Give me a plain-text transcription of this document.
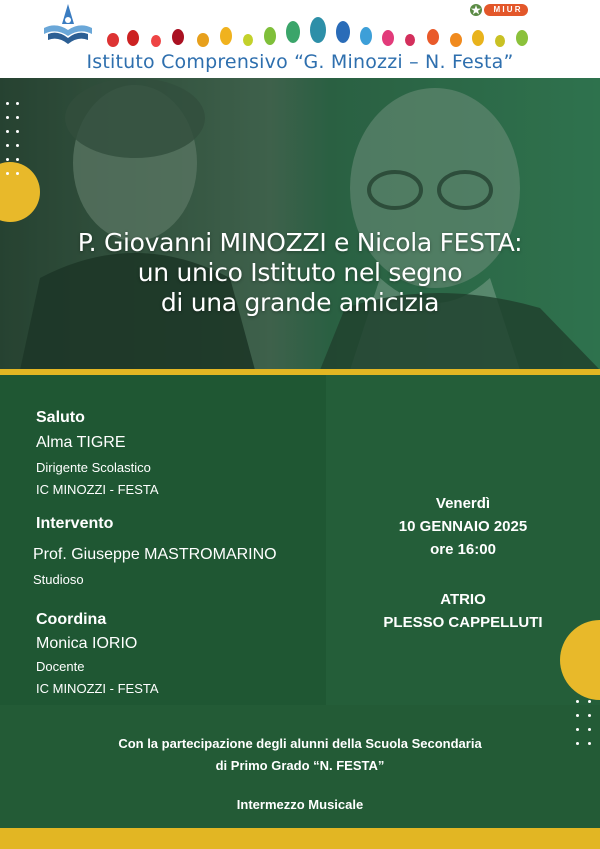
M I U R
Istituto Comprensivo “G. Minozzi – N. Festa”
P. Giovanni MINOZZI e Nicola FESTA:
un unico Istituto nel segno
di una grande amicizia
Saluto
Alma TIGRE
Dirigente Scolastico
IC MINOZZI - FESTA
Intervento
Prof. Giuseppe MASTROMARINO
Studioso
Coordina
Monica IORIO
Docente
IC MINOZZI - FESTA
Venerdì
10 GENNAIO 2025
ore 16:00
ATRIO
PLESSO CAPPELLUTI
Con la partecipazione degli alunni della Scuola Secondaria
di Primo Grado “N. FESTA”
Intermezzo Musicale
